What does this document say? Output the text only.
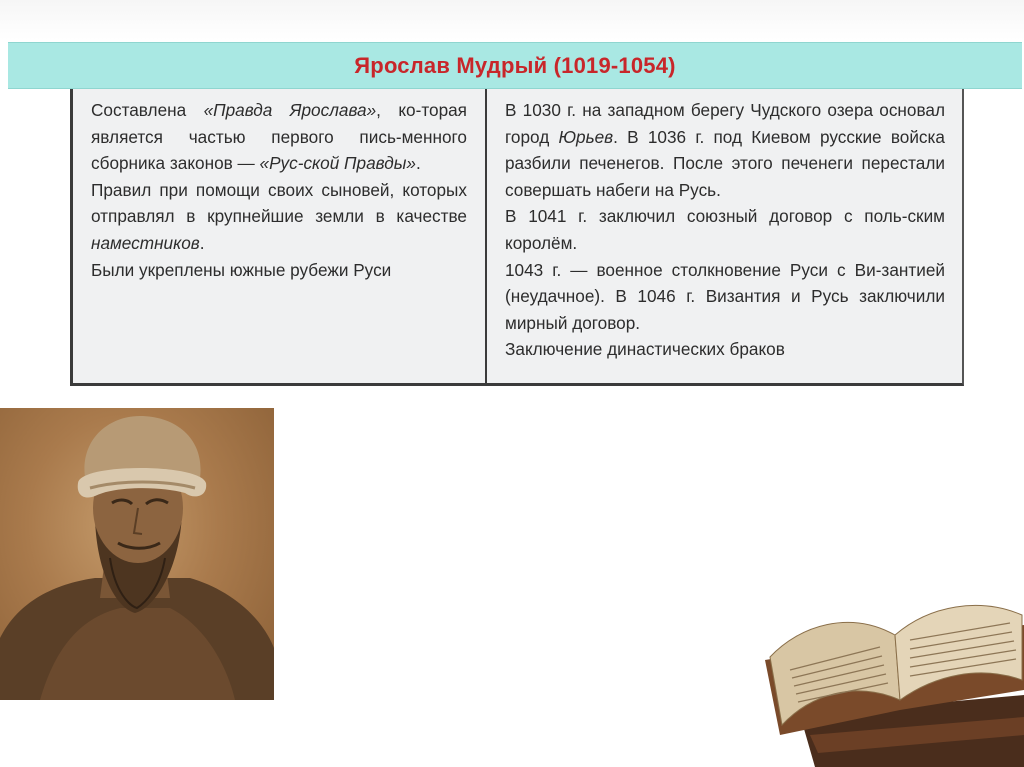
Ярослав Мудрый (1019-1054)

Составлена «Правда Ярослава», ко-торая является частью первого пись-менного сборника законов — «Рус-ской Правды».

Правил при помощи своих сыновей, которых отправлял в крупнейшие земли в качестве наместников.

Были укреплены южные рубежи Руси

В 1030 г. на западном берегу Чудского озера основал город Юрьев. В 1036 г. под Киевом русские войска разбили печенегов. После этого печенеги перестали совершать набеги на Русь.

В 1041 г. заключил союзный договор с поль-ским королём.

1043 г. — военное столкновение Руси с Ви-зантией (неудачное). В 1046 г. Византия и Русь заключили мирный договор.

Заключение династических браков
